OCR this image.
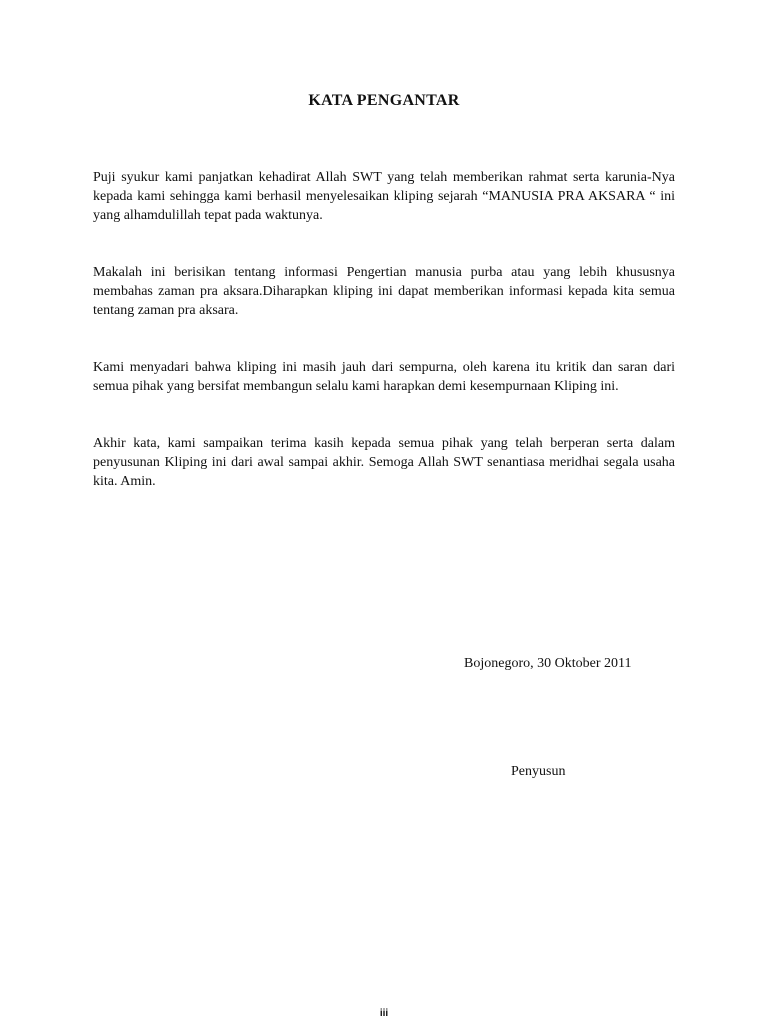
KATA PENGANTAR

Puji syukur kami panjatkan kehadirat Allah SWT yang telah memberikan rahmat serta karunia-Nya kepada kami sehingga kami berhasil menyelesaikan kliping sejarah “MANUSIA PRA AKSARA “ ini yang alhamdulillah tepat pada waktunya.

Makalah ini berisikan tentang informasi Pengertian manusia purba atau yang lebih khususnya membahas zaman pra aksara.Diharapkan kliping ini dapat memberikan informasi kepada kita semua tentang zaman pra aksara.

Kami menyadari bahwa kliping ini masih jauh dari sempurna, oleh karena itu kritik dan saran dari semua pihak yang bersifat membangun selalu kami harapkan demi kesempurnaan Kliping ini.

Akhir kata, kami sampaikan terima kasih kepada semua pihak yang telah berperan serta dalam penyusunan Kliping ini dari awal sampai akhir. Semoga Allah SWT senantiasa meridhai segala usaha kita. Amin.

Bojonegoro, 30 Oktober 2011
Penyusun
iii
